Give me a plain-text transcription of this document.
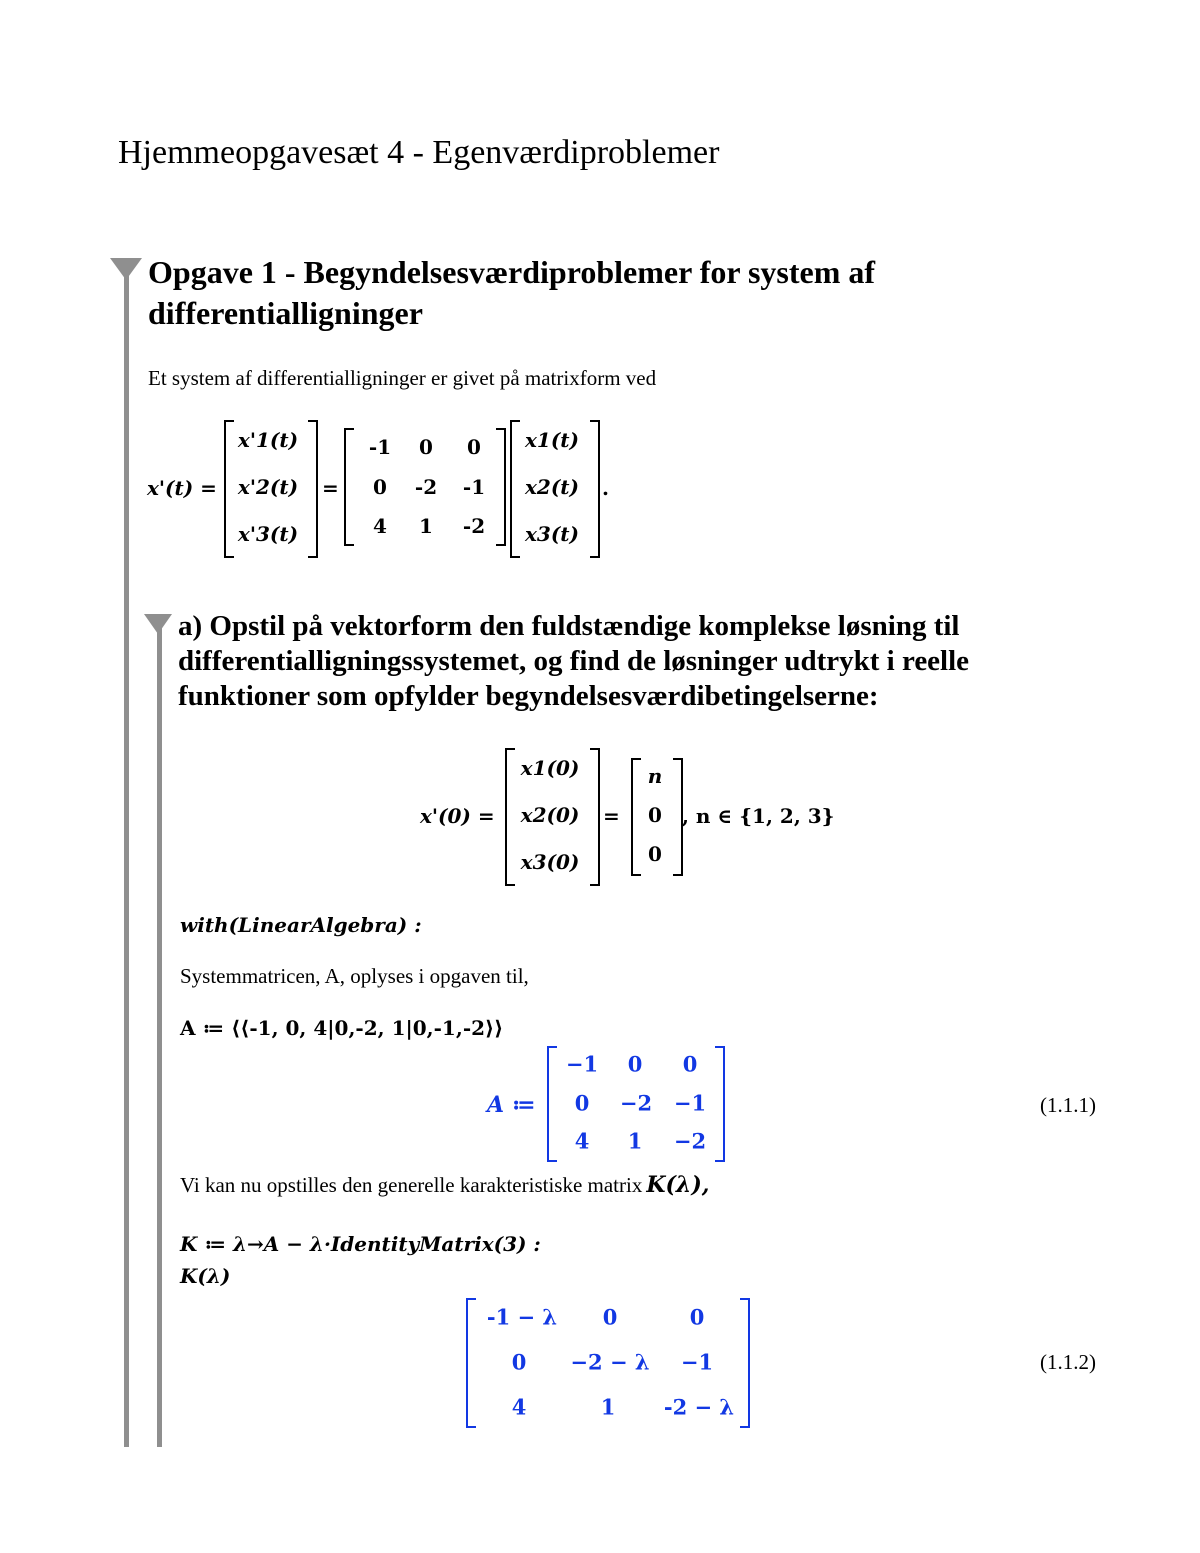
Hjemmeopgavesæt 4 - Egenværdiproblemer
Opgave 1 - Begyndelsesværdiproblemer for system af differentialligninger
Et system af differentialligninger er givet på matrixform ved
x'(t) =
x'1(t)
x'2(t)
x'3(t)
=
-1 0 0
0 -2 -1
4 1 -2
x1(t)
x2(t)
x3(t)
.
a) Opstil på vektorform den fuldstændige komplekse løsning til differentialligningssystemet, og find de løsninger udtrykt i reelle funktioner som opfylder begyndelsesværdibetingelserne:
x'(0) =
x1(0)
x2(0)
x3(0)
=
n
0
0
, n ∈ {1, 2, 3}
with(LinearAlgebra) :
Systemmatricen, A, oplyses i opgaven til,
A ≔ ⟨⟨-1, 0, 4|0,-2, 1|0,-1,-2⟩⟩
A ≔
−1 0 0
0 −2 −1
4 1 −2
(1.1.1)
Vi kan nu opstilles den generelle karakteristiske matrix K(λ),
K ≔ λ→A − λ·IdentityMatrix(3) :
K(λ)
-1 − λ 0	0
0 −2 − λ −1
4	1 -2 − λ
(1.1.2)
